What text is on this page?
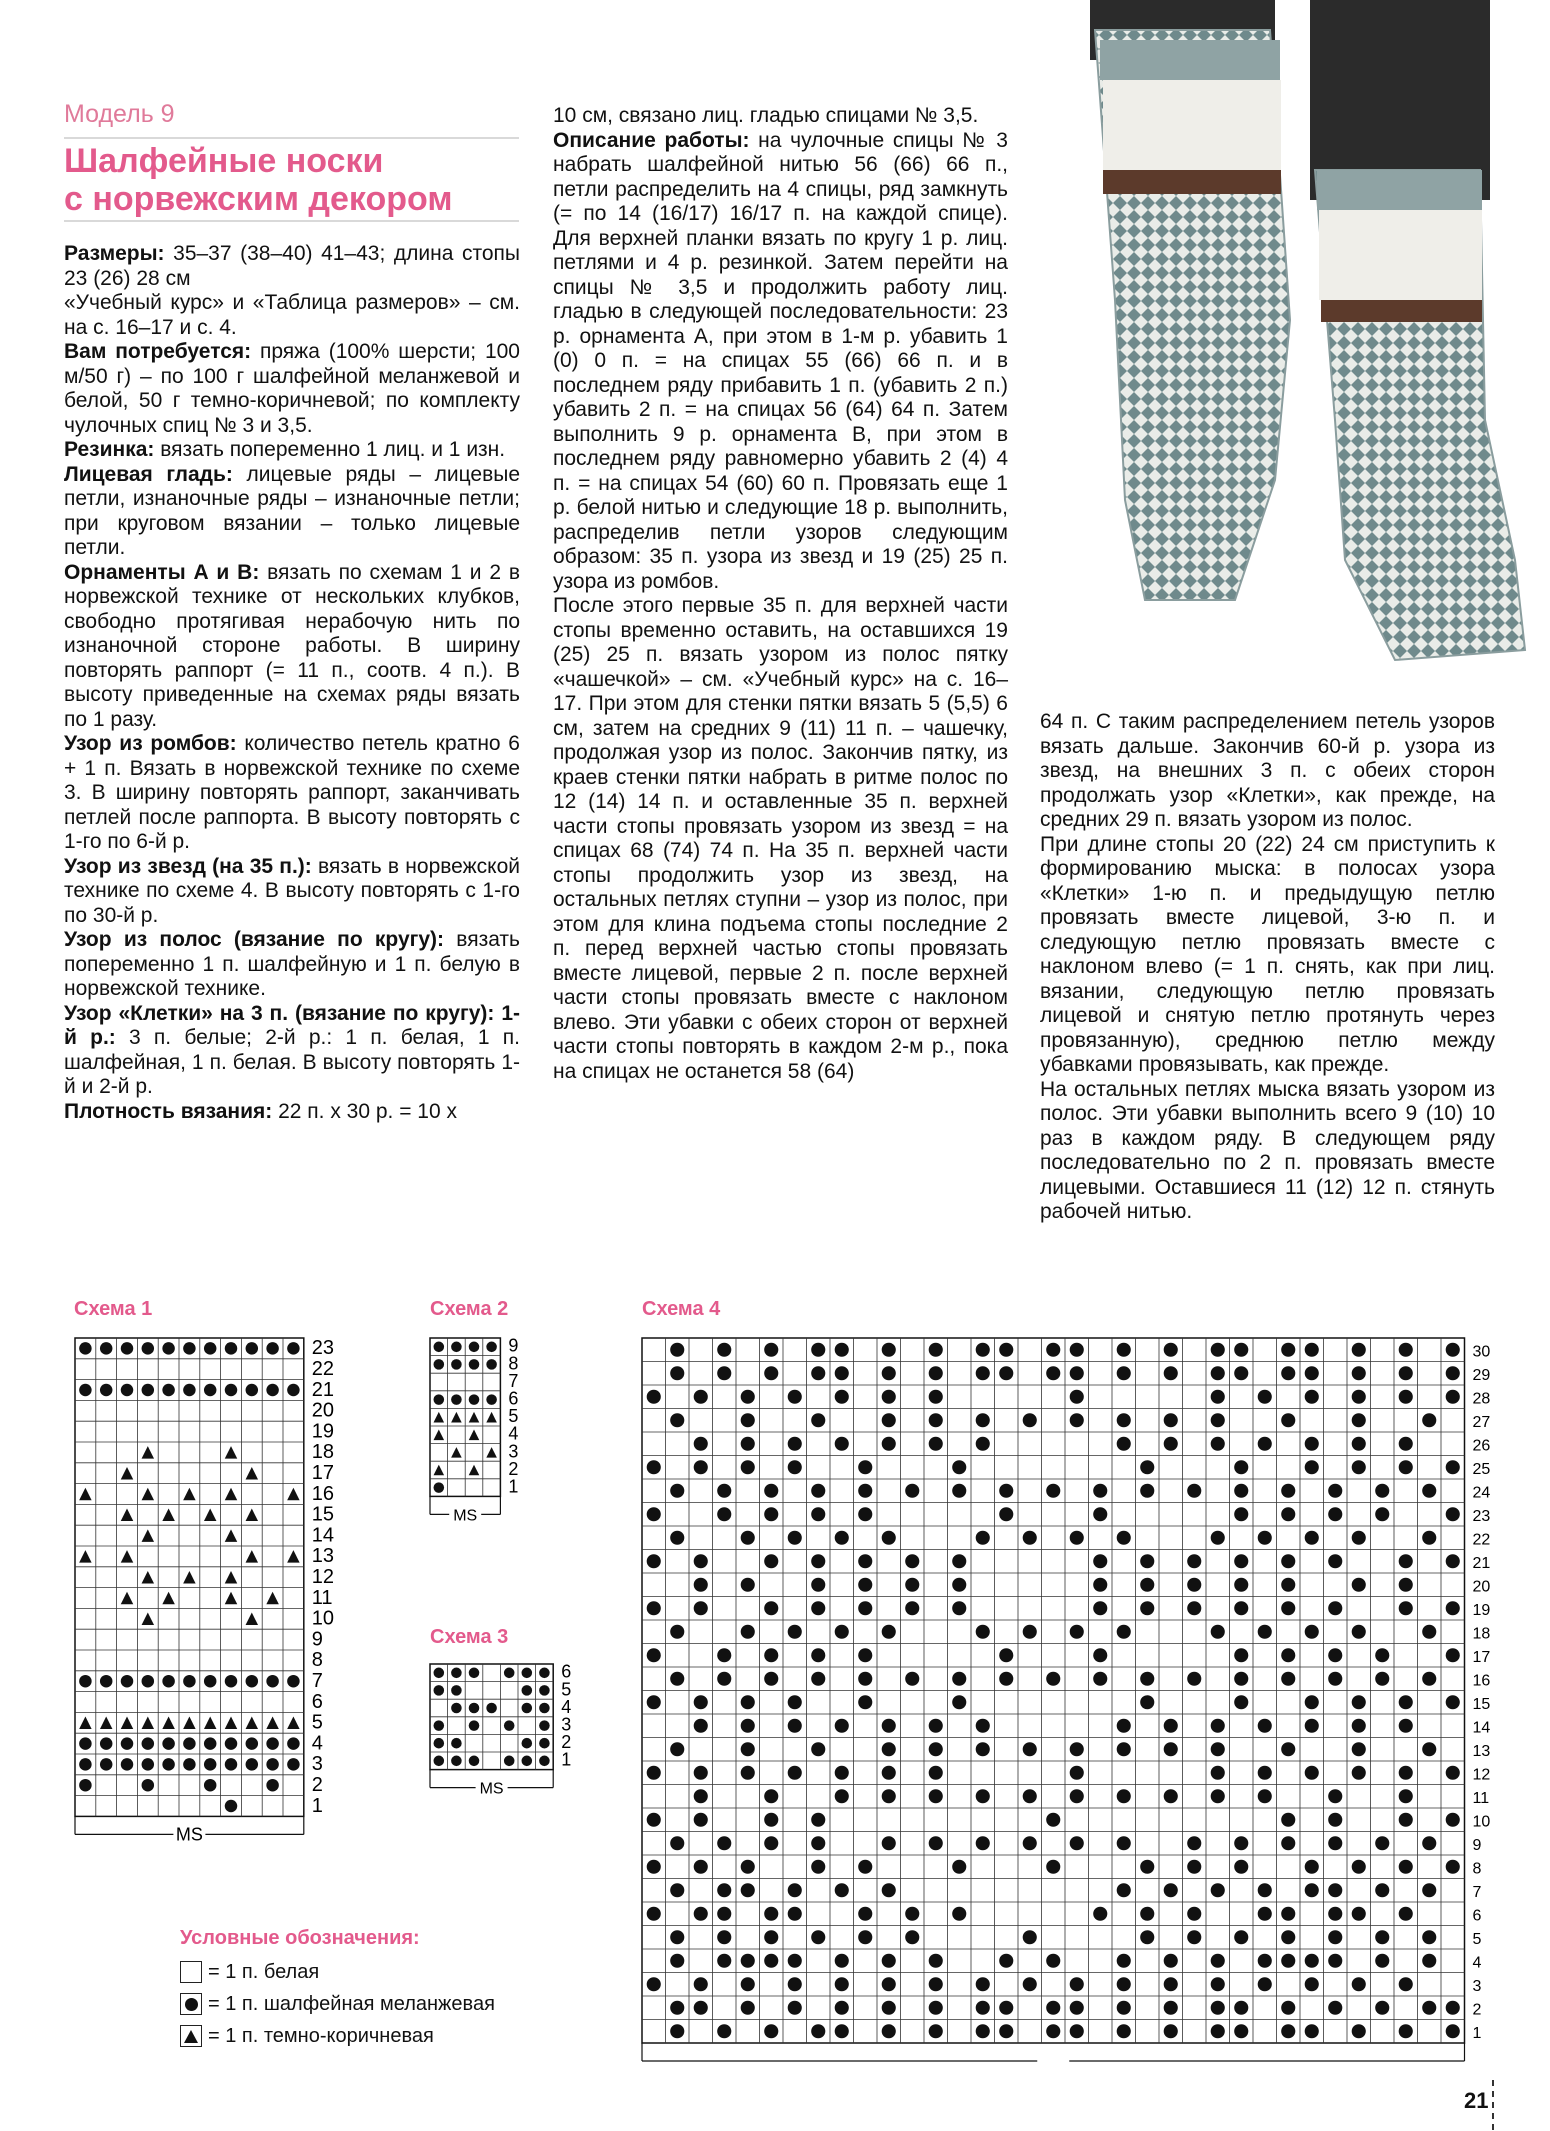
Модель 9
Шалфейные носки
с норвежским декором

Размеры: 35–37 (38–40) 41–43; длина стопы 23 (26) 28 см

«Учебный курс» и «Таблица размеров» – см. на с. 16–17 и с. 4.

Вам потребуется: пряжа (100% шерсти; 100 м/50 г) – по 100 г шалфейной меланжевой и белой, 50 г темно-коричневой; по комплекту чулочных спиц № 3 и 3,5.

Резинка: вязать попеременно 1 лиц. и 1 изн.

Лицевая гладь: лицевые ряды – лицевые петли, изнаночные ряды – изнаночные петли; при круговом вязании – только лицевые петли.

Орнаменты А и В: вязать по схемам 1 и 2 в норвежской технике от нескольких клубков, свободно протягивая нерабочую нить по изнаночной стороне работы. В ширину повторять раппорт (= 11 п., соотв. 4 п.). В высоту приведенные на схемах ряды вязать по 1 разу.

Узор из ромбов: количество петель кратно 6 + 1 п. Вязать в норвежской технике по схеме 3. В ширину повторять раппорт, заканчивать петлей после раппорта. В высоту повторять с 1-го по 6-й р.

Узор из звезд (на 35 п.): вязать в норвежской технике по схеме 4. В высоту повторять с 1-го по 30-й р.

Узор из полос (вязание по кругу): вязать попеременно 1 п. шалфейную и 1 п. белую в норвежской технике.

Узор «Клетки» на 3 п. (вязание по кругу): 1-й р.: 3 п. белые; 2-й р.: 1 п. белая, 1 п. шалфейная, 1 п. белая. В высоту повторять 1-й и 2-й р.

Плотность вязания: 22 п. х 30 р. = 10 х

10 см, связано лиц. гладью спицами № 3,5.

Описание работы: на чулочные спицы № 3 набрать шалфейной нитью 56 (66) 66 п., петли распределить на 4 спицы, ряд замкнуть (= по 14 (16/17) 16/17 п. на каждой спице). Для верхней планки вязать по кругу 1 р. лиц. петлями и 4 р. резинкой. Затем перейти на спицы № 3,5 и продолжить работу лиц. гладью в следующей последовательности: 23 р. орнамента А, при этом в 1-м р. убавить 1 (0) 0 п. = на спицах 55 (66) 66 п. и в последнем ряду прибавить 1 п. (убавить 2 п.) убавить 2 п. = на спицах 56 (64) 64 п. Затем выполнить 9 р. орнамента В, при этом в последнем ряду равномерно убавить 2 (4) 4 п. = на спицах 54 (60) 60 п. Провязать еще 1 р. белой нитью и следующие 18 р. выполнить, распределив петли узоров следующим образом: 35 п. узора из звезд и 19 (25) 25 п. узора из ромбов.

После этого первые 35 п. для верхней части стопы временно оставить, на оставшихся 19 (25) 25 п. вязать узором из полос пятку «чашечкой» – см. «Учебный курс» на с. 16–17. При этом для стенки пятки вязать 5 (5,5) 6 см, затем на средних 9 (11) 11 п. – чашечку, продолжая узор из полос. Закончив пятку, из краев стенки пятки набрать в ритме полос по 12 (14) 14 п. и оставленные 35 п. верхней части стопы провязать узором из звезд = на спицах 68 (74) 74 п. На 35 п. верхней части стопы продолжить узор из звезд, на остальных петлях ступни – узор из полос, при этом для клина подъема стопы последние 2 п. перед верхней частью стопы провязать вместе лицевой, первые 2 п. после верхней части стопы провязать вместе с наклоном влево. Эти убавки с обеих сторон от верхней части стопы повторять в каждом 2-м р., пока на спицах не останется 58 (64)

64 п. С таким распределением петель узоров вязать дальше. Закончив 60-й р. узора из звезд, на внешних 3 п. с обеих сторон продолжать узор «Клетки», как прежде, на средних 29 п. вязать узором из полос.

При длине стопы 20 (22) 24 см приступить к формированию мыска: в полосах узора «Клетки» 1-ю п. и предыдущую петлю провязать вместе лицевой, 3-ю п. и следующую петлю провязать вместе с наклоном влево (= 1 п. снять, как при лиц. вязании, следующую петлю провязать лицевой и снятую петлю протянуть через провязанную), среднюю петлю между убавками провязывать, как прежде.

На остальных петлях мыска вязать узором из полос. Эти убавки выполнить всего 9 (10) 10 раз в каждом ряду. В следующем ряду последовательно по 2 п. провязать вместе лицевыми. Оставшиеся 11 (12) 12 п. стянуть рабочей нитью.

Схема 1	Схема 2
Схема 3
Схема 4
1
2
3
4
5
6
7
8
9
10
11
12
13
14
15
16
17
18
19
20
21
22
23
MS
1
2
3
4
5
6
7
8
9
MS
1
2
3
4
5
6
MS
1
2
3
4
5
6
7
8
9
10
11
12
13
14
15
16
17
18
19
20
21
22
23
24
25
26
27
28
29
30
Условные обозначения:
= 1 п. белая
= 1 п. шалфейная меланжевая
= 1 п. темно-коричневая
21
